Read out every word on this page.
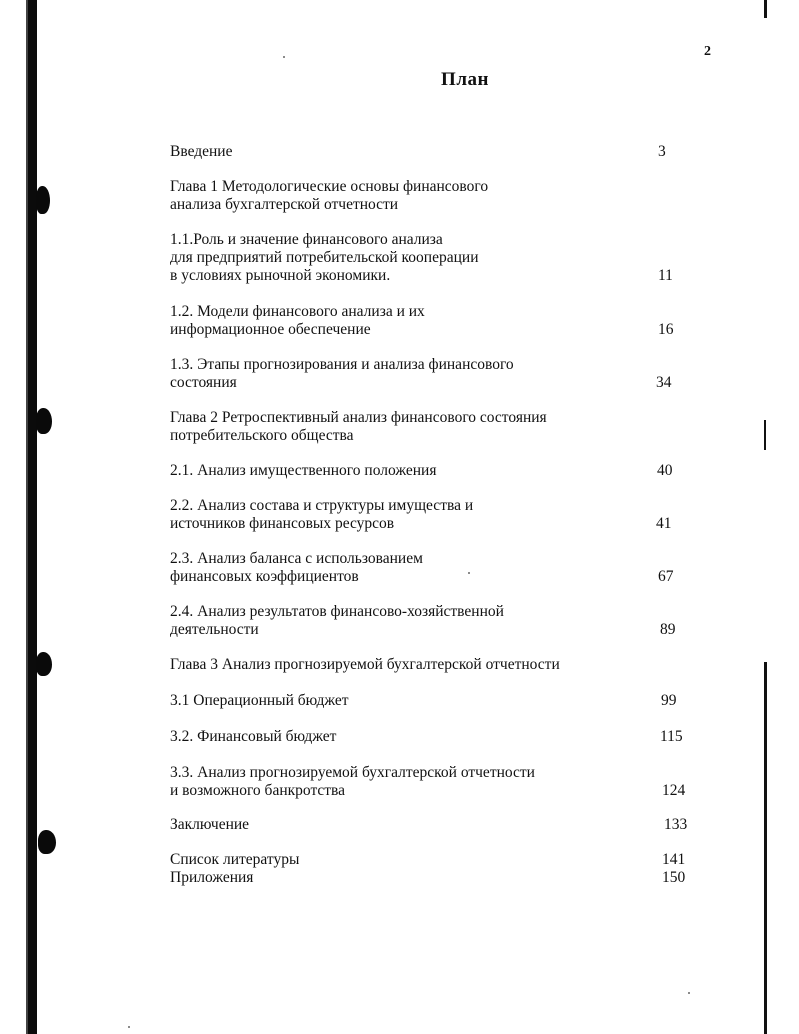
2
План
Введение	3
Глава 1 Методологические основы финансового
анализа бухгалтерской отчетности
1.1.Роль и значение финансового анализа
для предприятий потребительской кооперации
в условиях рыночной экономики.	11
1.2. Модели финансового анализа и их
информационное обеспечение	16
1.3. Этапы прогнозирования и анализа финансового
состояния	34
Глава 2 Ретроспективный анализ финансового состояния
потребительского общества
2.1. Анализ имущественного положения	40
2.2. Анализ состава и структуры имущества и
источников финансовых ресурсов	41
2.3. Анализ баланса с использованием
финансовых коэффициентов	67
2.4. Анализ результатов финансово-хозяйственной
деятельности	89
Глава 3 Анализ прогнозируемой бухгалтерской отчетности
3.1 Операционный бюджет	99
3.2. Финансовый бюджет	115
3.3. Анализ прогнозируемой бухгалтерской отчетности
и возможного банкротства	124
Заключение	133
Список литературы	141
Приложения	150
